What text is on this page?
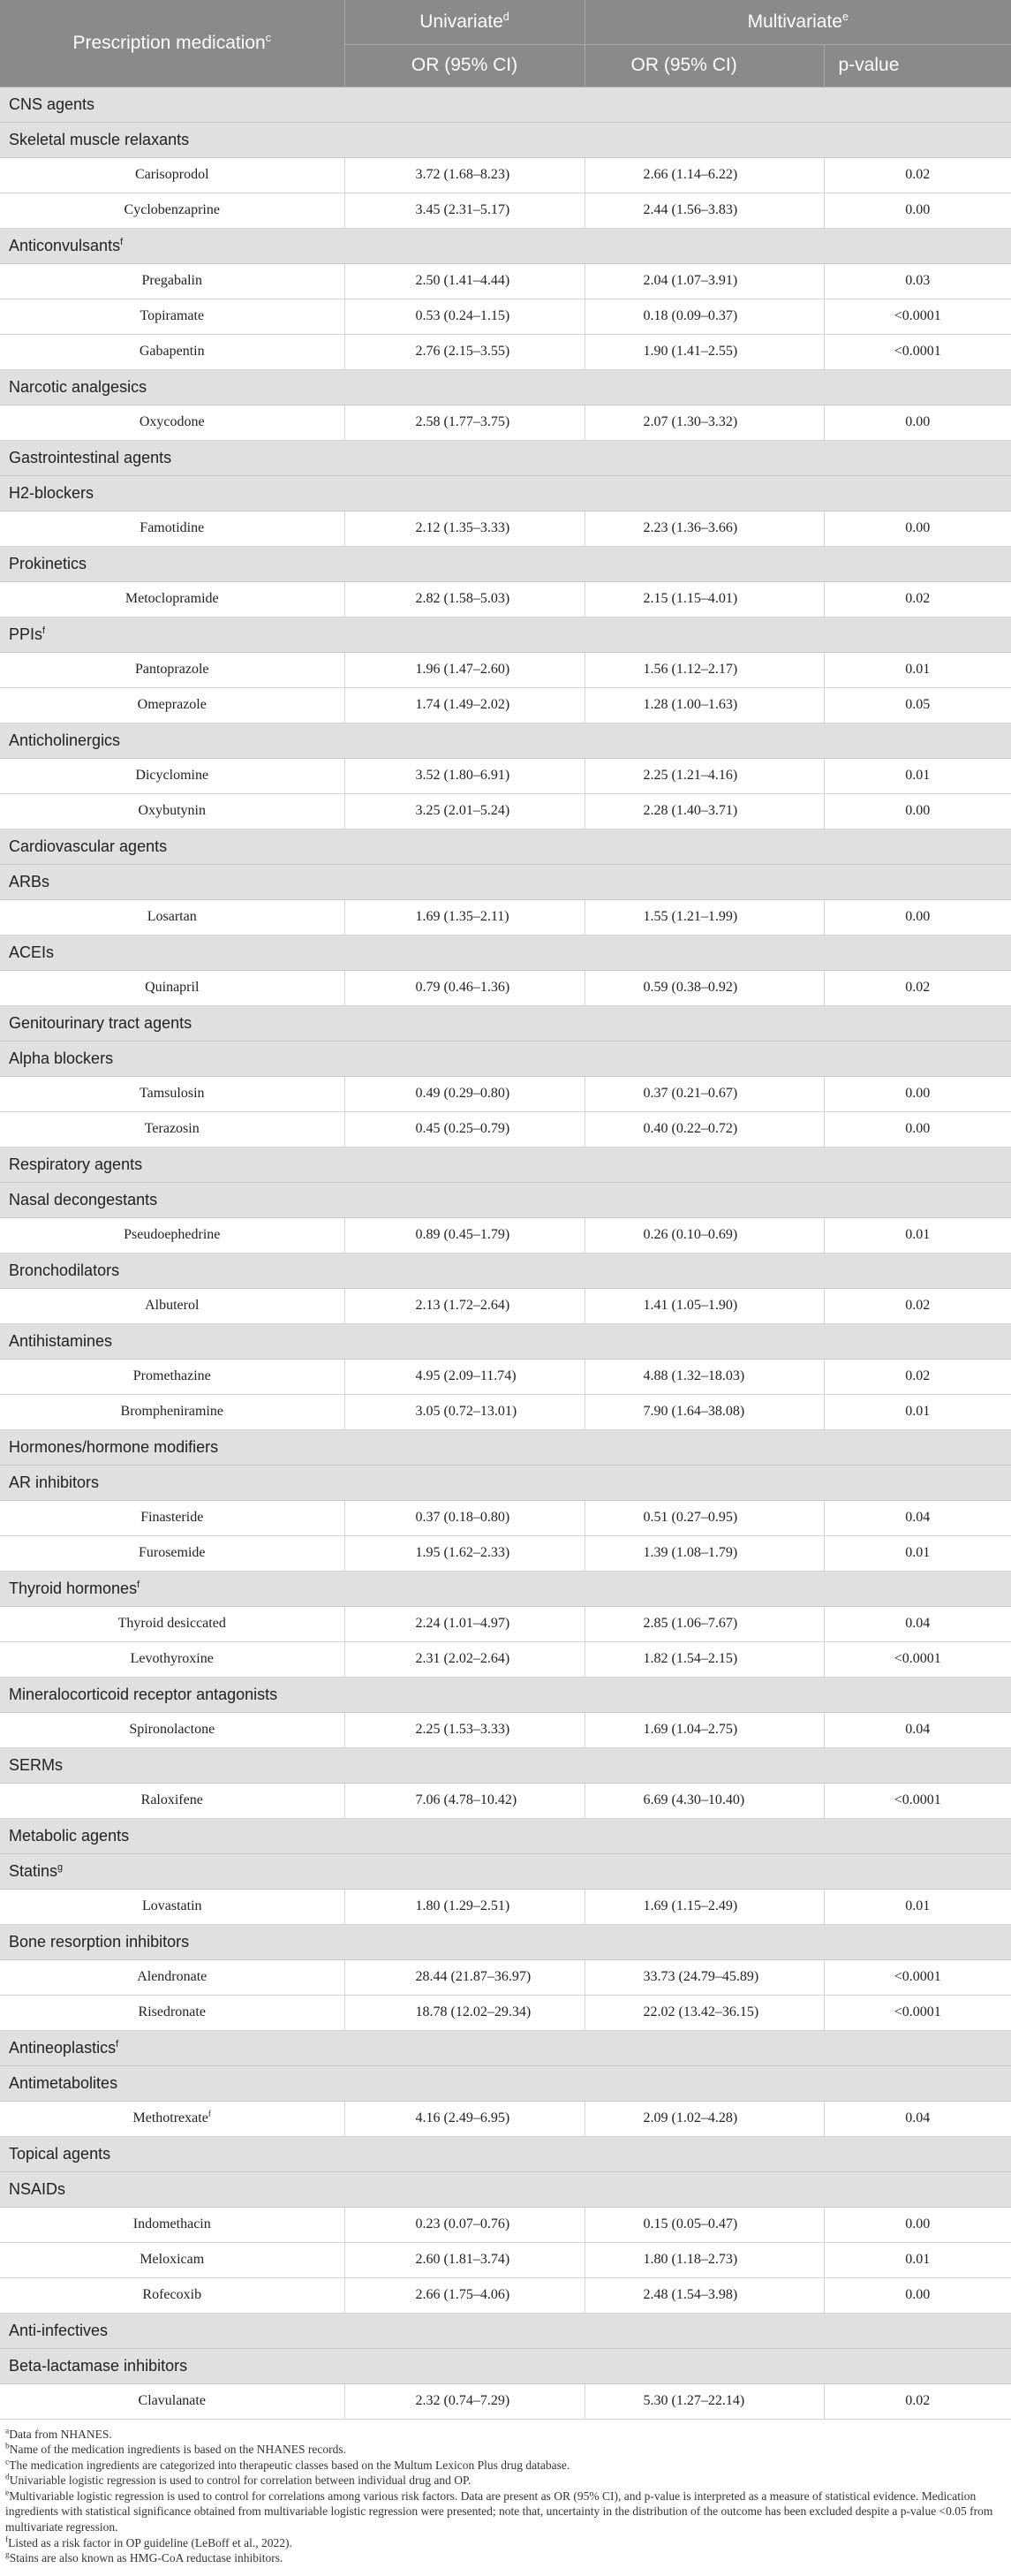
Prescription medication$^c$	Univariate$^d$	Multivariate$^e$
	OR (95% CI)	OR (95% CI)	p-value
CNS agents			
Skeletal muscle relaxants			
Carisoprodol	3.72 (1.68–8.23)	2.66 (1.14–6.22)	0.02
Cyclobenzaprine	3.45 (2.31–5.17)	2.44 (1.56–3.83)	0.00
Anticonvulsants$^f$
Pregabalin	2.50 (1.41–4.44)	2.04 (1.07–3.91)	0.03
Topiramate	0.53 (0.24–1.15)	0.18 (0.09–0.37)	<0.0001
Gabapentin	2.76 (2.15–3.55)	1.90 (1.41–2.55)	<0.0001
Narcotic analgesics			
Oxycodone	2.58 (1.77–3.75)	2.07 (1.30–3.32)	0.00
Gastrointestinal agents			
H2-blockers			
Famotidine	2.12 (1.35–3.33)	2.23 (1.36–3.66)	0.00
Prokinetics			
Metoclopramide	2.82 (1.58–5.03)	2.15 (1.15–4.01)	0.02
PPIs$^f$
Pantoprazole	1.96 (1.47–2.60)	1.56 (1.12–2.17)	0.01
Omeprazole	1.74 (1.49–2.02)	1.28 (1.00–1.63)	0.05
Anticholinergics			
Dicyclomine	3.52 (1.80–6.91)	2.25 (1.21–4.16)	0.01
Oxybutynin	3.25 (2.01–5.24)	2.28 (1.40–3.71)	0.00
Cardiovascular agents			
ARBs			
Losartan	1.69 (1.35–2.11)	1.55 (1.21–1.99)	0.00
ACEIs			
Quinapril	0.79 (0.46–1.36)	0.59 (0.38–0.92)	0.02
Genitourinary tract agents			
Alpha blockers			
Tamsulosin	0.49 (0.29–0.80)	0.37 (0.21–0.67)	0.00
Terazosin	0.45 (0.25–0.79)	0.40 (0.22–0.72)	0.00
Respiratory agents			
Nasal decongestants			
Pseudoephedrine	0.89 (0.45–1.79)	0.26 (0.10–0.69)	0.01
Bronchodilators			
Albuterol	2.13 (1.72–2.64)	1.41 (1.05–1.90)	0.02
Antihistamines			
Promethazine	4.95 (2.09–11.74)	4.88 (1.32–18.03)	0.02
Brompheniramine	3.05 (0.72–13.01)	7.90 (1.64–38.08)	0.01
Hormones/hormone modifiers			
AR inhibitors			
Finasteride	0.37 (0.18–0.80)	0.51 (0.27–0.95)	0.04
Furosemide	1.95 (1.62–2.33)	1.39 (1.08–1.79)	0.01
Thyroid hormones$^f$
Thyroid desiccated	2.24 (1.01–4.97)	2.85 (1.06–7.67)	0.04
Levothyroxine	2.31 (2.02–2.64)	1.82 (1.54–2.15)	<0.0001
Mineralocorticoid receptor antagonists			
Spironolactone	2.25 (1.53–3.33)	1.69 (1.04–2.75)	0.04
SERMs			
Raloxifene	7.06 (4.78–10.42)	6.69 (4.30–10.40)	<0.0001
Metabolic agents			
Statins$^g$
Lovastatin	1.80 (1.29–2.51)	1.69 (1.15–2.49)	0.01
Bone resorption inhibitors			
Alendronate	28.44 (21.87–36.97)	33.73 (24.79–45.89)	<0.0001
Risedronate	18.78 (12.02–29.34)	22.02 (13.42–36.15)	<0.0001
Antineoplastics$^f$
Antimetabolites			
Methotrexate$^f$	4.16 (2.49–6.95)	2.09 (1.02–4.28)	0.04
Topical agents			
NSAIDs			
Indomethacin	0.23 (0.07–0.76)	0.15 (0.05–0.47)	0.00
Meloxicam	2.60 (1.81–3.74)	1.80 (1.18–2.73)	0.01
Rofecoxib	2.66 (1.75–4.06)	2.48 (1.54–3.98)	0.00
Anti-infectives			
Beta-lactamase inhibitors			
Clavulanate	2.32 (0.74–7.29)	5.30 (1.27–22.14)	0.02
$^a$Data from NHANES.
$^b$Name of the medication ingredients is based on the NHANES records.
$^c$The medication ingredients are categorized into therapeutic classes based on the Multum Lexicon Plus drug database.
$^d$Univariable logistic regression is used to control for correlation between individual drug and OP.
$^e$Multivariable logistic regression is used to control for correlations among various risk factors. Data are present as OR (95% CI), and p-value is interpreted as a measure of statistical evidence. Medication ingredients with statistical significance obtained from multivariable logistic regression were presented; note that, uncertainty in the distribution of the outcome has been excluded despite a p-value <0.05 from multivariate regression.
$^f$Listed as a risk factor in OP guideline (LeBoff et al., 2022).
$^g$Stains are also known as HMG-CoA reductase inhibitors.
